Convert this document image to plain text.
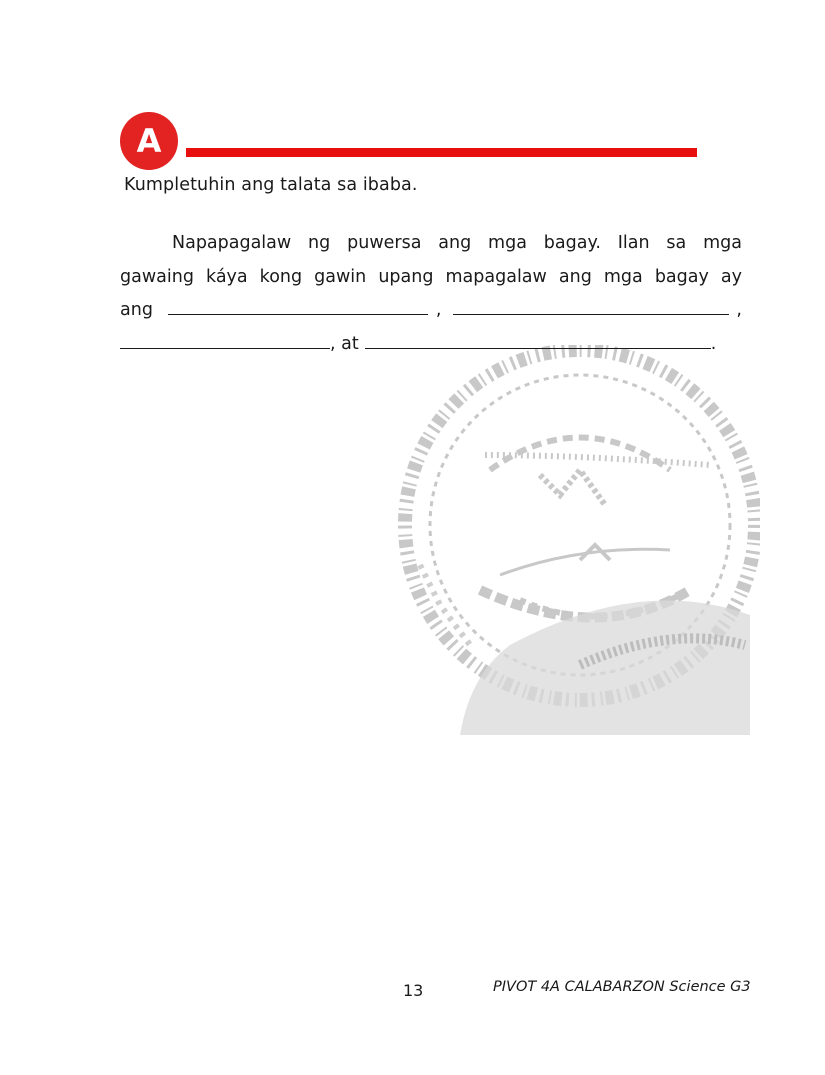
A
Kumpletuhin ang talata sa ibaba.
Napapagalaw ng puwersa ang mga bagay. Ilan sa mga
gawaing káya kong gawin upang mapagalaw ang mga bagay ay
ang	,	,
, at	.
13	PIVOT 4A CALABARZON Science G3
